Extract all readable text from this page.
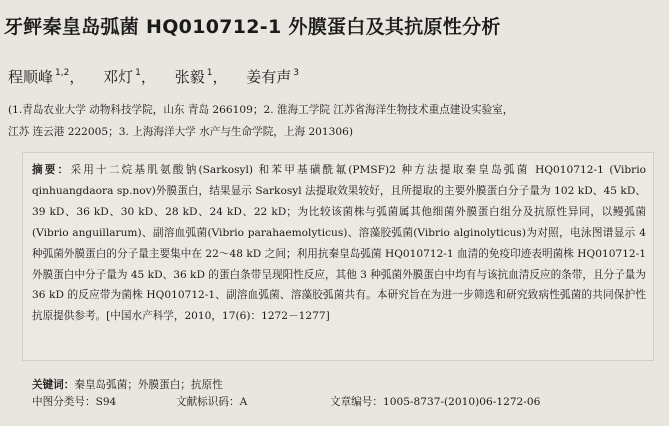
牙鲆秦皇岛弧菌 HQ010712-1 外膜蛋白及其抗原性分析
程顺峰 $^{1,2}$， 邓灯 $^1$， 张毅 $^1$， 姜有声 $^3$
(1.青岛农业大学 动物科技学院，山东 青岛 266109；2. 淮海工学院 江苏省海洋生物技术重点建设实验室，
江苏 连云港 222005；3. 上海海洋大学 水产与生命学院，上海 201306)
摘要：采用十二烷基肌氨酸钠(Sarkosyl) 和苯甲基磺酰氟(PMSF)2 种方法提取秦皇岛弧菌 HQ010712-1 (Vibrio qinhuangdaora sp.nov)外膜蛋白，结果显示 Sarkosyl 法提取效果较好，且所提取的主要外膜蛋白分子量为 102 kD、45 kD、39 kD、36 kD、30 kD、28 kD、24 kD、22 kD；为比较该菌株与弧菌属其他细菌外膜蛋白组分及抗原性异同，以鳗弧菌(Vibrio anguillarum)、副溶血弧菌(Vibrio parahaemolyticus)、溶藻胶弧菌(Vibrio alginolyticus)为对照，电泳图谱显示 4 种弧菌外膜蛋白的分子量主要集中在 22～48 kD 之间；利用抗秦皇岛弧菌 HQ010712-1 血清的免疫印迹表明菌株 HQ010712-1 外膜蛋白中分子量为 45 kD、36 kD 的蛋白条带呈现阳性反应，其他 3 种弧菌外膜蛋白中均有与该抗血清反应的条带，且分子量为 36 kD 的反应带为菌株 HQ010712-1、副溶血弧菌、溶藻胶弧菌共有。本研究旨在为进一步筛选和研究致病性弧菌的共同保护性抗原提供参考。[中国水产科学，2010，17(6)：1272－1277]
关键词：秦皇岛弧菌；外膜蛋白；抗原性
中图分类号：S94	文献标识码：A	文章编号：1005-8737-(2010)06-1272-06
